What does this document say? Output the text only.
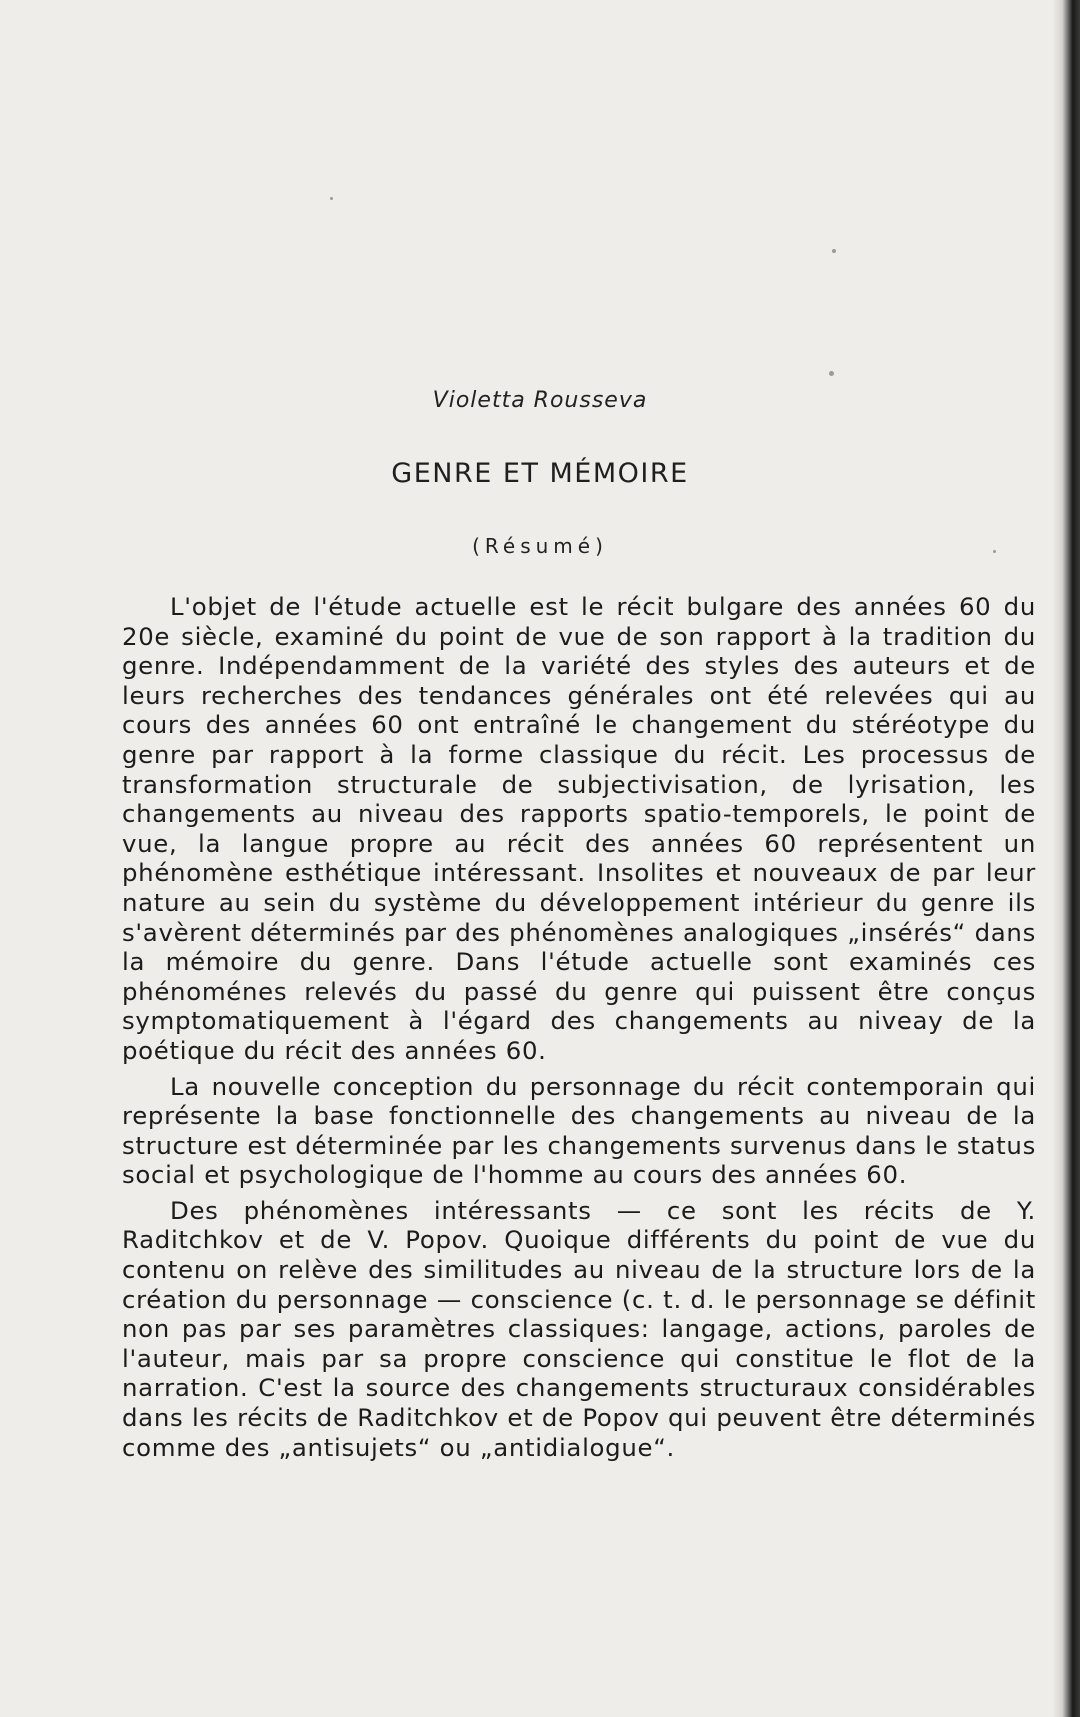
Violetta Rousseva
GENRE ET MÉMOIRE
(Résumé)

L'objet de l'étude actuelle est le récit bulgare des années 60 du 20e siècle, examiné du point de vue de son rapport à la tradition du genre. Indépendamment de la variété des styles des auteurs et de leurs recherches des tendances générales ont été relevées qui au cours des années 60 ont entraîné le changement du stéréotype du genre par rapport à la forme classique du récit. Les processus de transformation structurale de subjectivisation, de lyrisation, les changements au niveau des rapports spatio-temporels, le point de vue, la langue propre au récit des années 60 représentent un phénomène esthétique intéressant. Insolites et nouveaux de par leur nature au sein du système du développement intérieur du genre ils s'avèrent déterminés par des phénomènes analogiques „insérés“ dans la mémoire du genre. Dans l'étude actuelle sont examinés ces phénoménes relevés du passé du genre qui puissent être conçus symptomatiquement à l'égard des changements au niveay de la poétique du récit des années 60.

La nouvelle conception du personnage du récit contemporain qui représente la base fonctionnelle des changements au niveau de la structure est déterminée par les changements survenus dans le status social et psychologique de l'homme au cours des années 60.

Des phénomènes intéressants — ce sont les récits de Y. Raditchkov et de V. Popov. Quoique différents du point de vue du contenu on relève des similitudes au niveau de la structure lors de la création du personnage — conscience (c. t. d. le personnage se définit non pas par ses paramètres classiques: langage, actions, paroles de l'auteur, mais par sa propre conscience qui constitue le flot de la narration. C'est la source des changements structuraux considérables dans les récits de Raditchkov et de Popov qui peuvent être déterminés comme des „antisujets“ ou „antidialogue“.
